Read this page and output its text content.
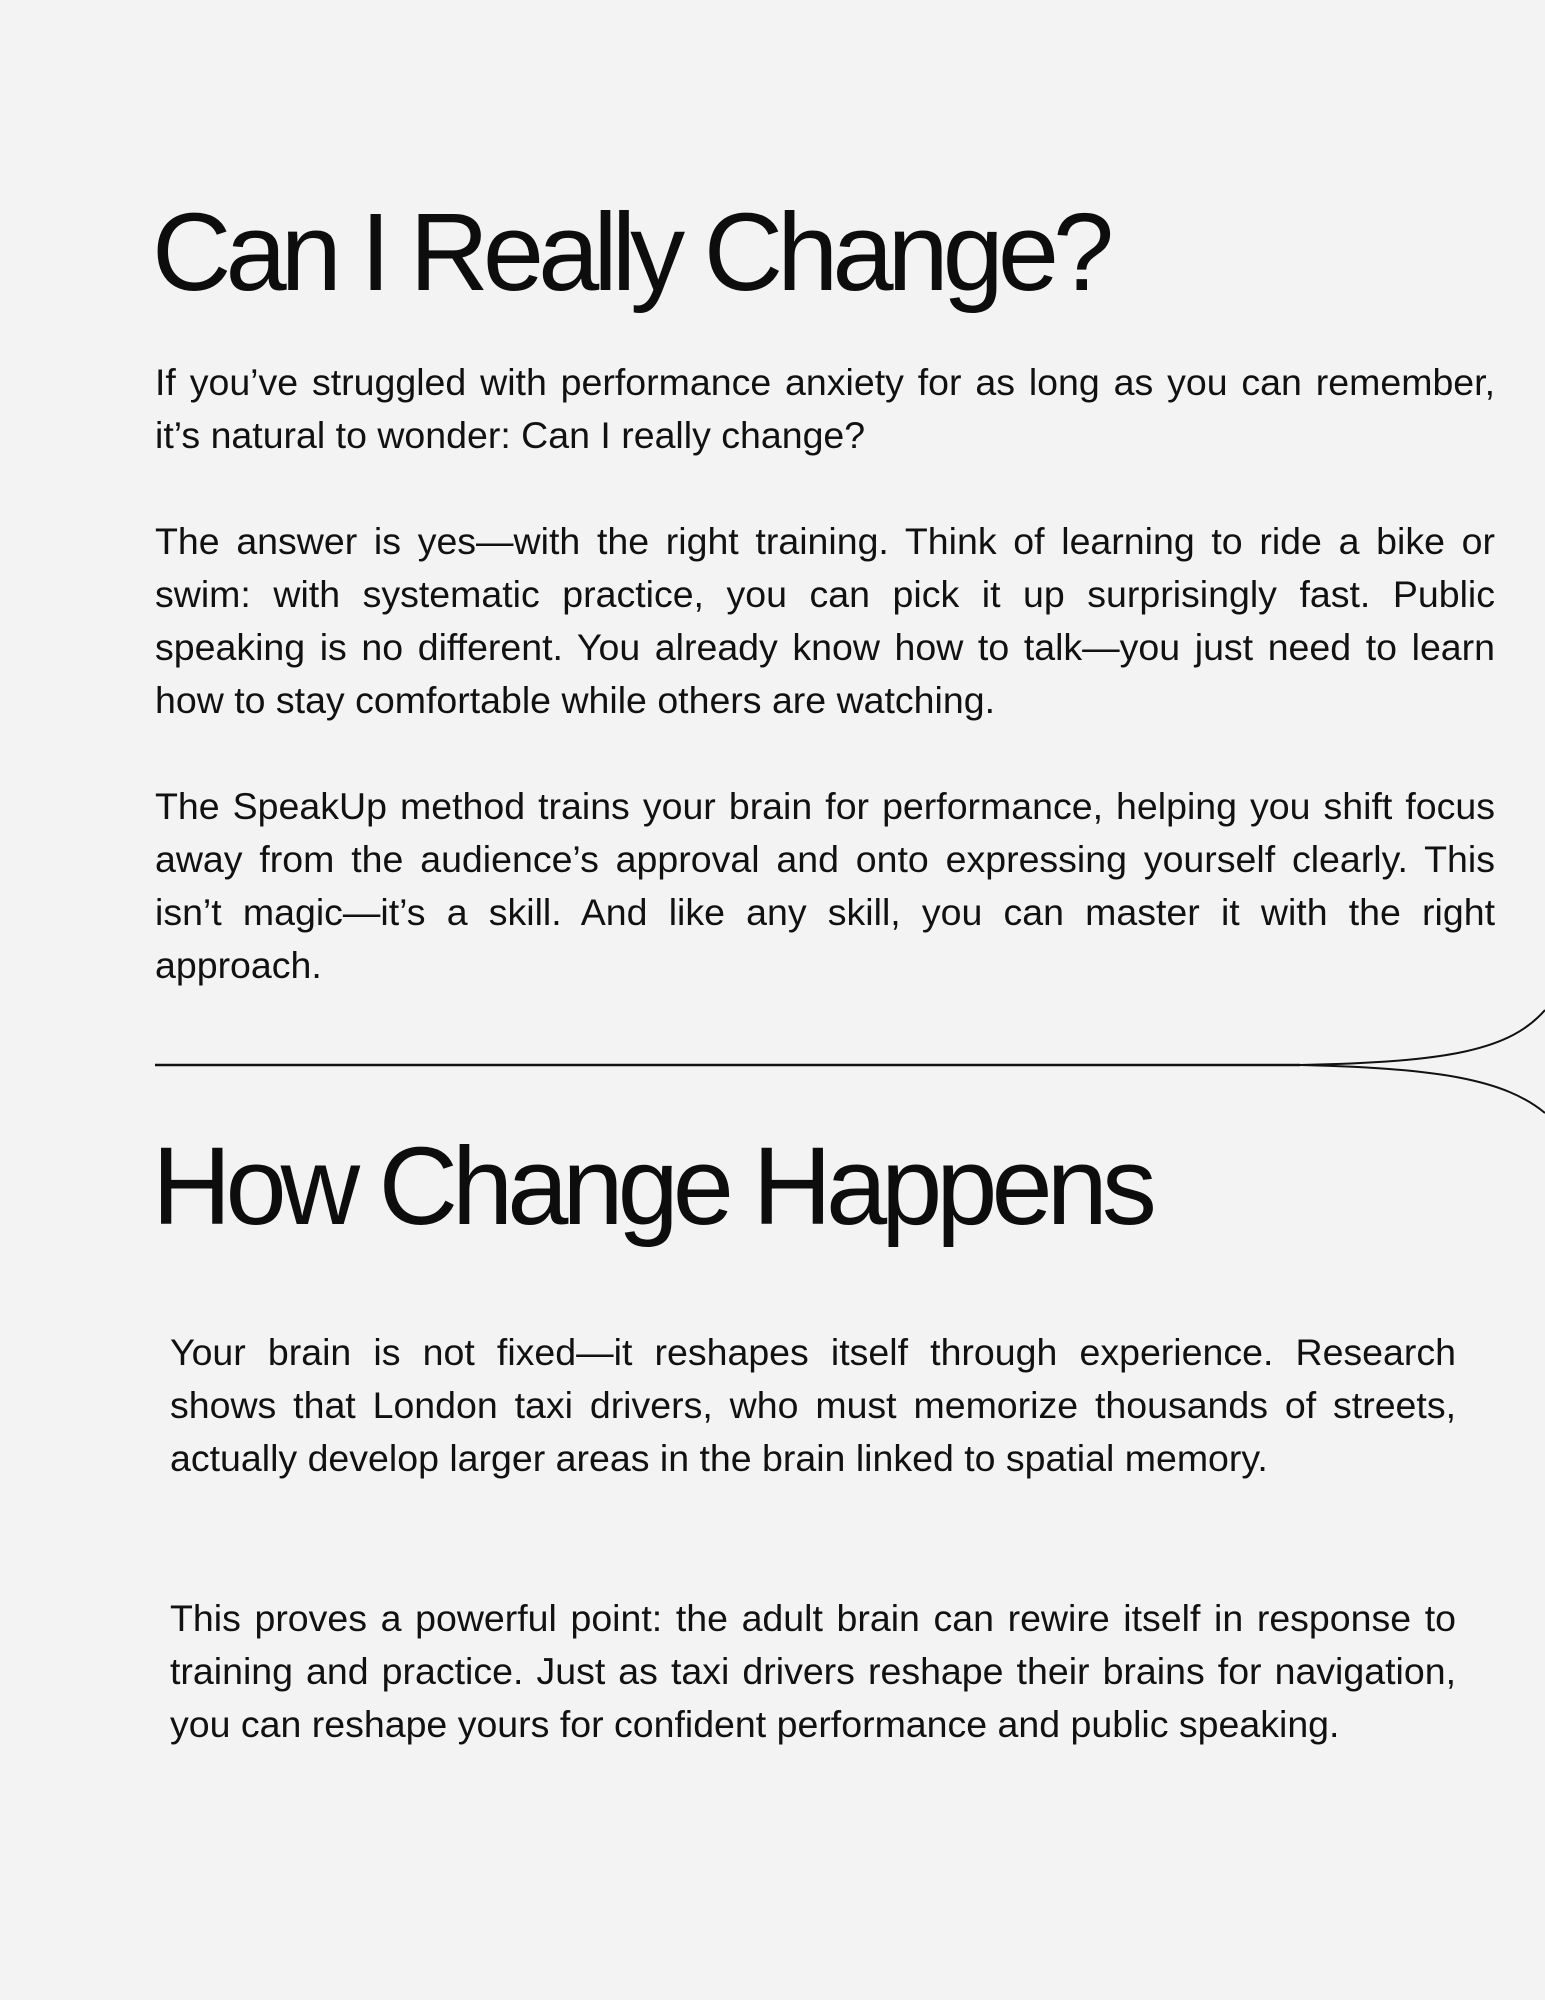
Can I Really Change?

If you’ve struggled with performance anxiety for as long as you can remember, it’s natural to wonder: Can I really change?

The answer is yes—with the right training. Think of learning to ride a bike or swim: with systematic practice, you can pick it up surprisingly fast. Public speaking is no different. You already know how to talk—you just need to learn how to stay comfortable while others are watching.

The SpeakUp method trains your brain for performance, helping you shift focus away from the audience’s approval and onto expressing yourself clearly. This isn’t magic—it’s a skill. And like any skill, you can master it with the right approach.

How Change Happens

Your brain is not fixed—it reshapes itself through experience. Research shows that London taxi drivers, who must memorize thousands of streets, actually develop larger areas in the brain linked to spatial memory.

This proves a powerful point: the adult brain can rewire itself in response to training and practice. Just as taxi drivers reshape their brains for navigation, you can reshape yours for confident performance and public speaking.
